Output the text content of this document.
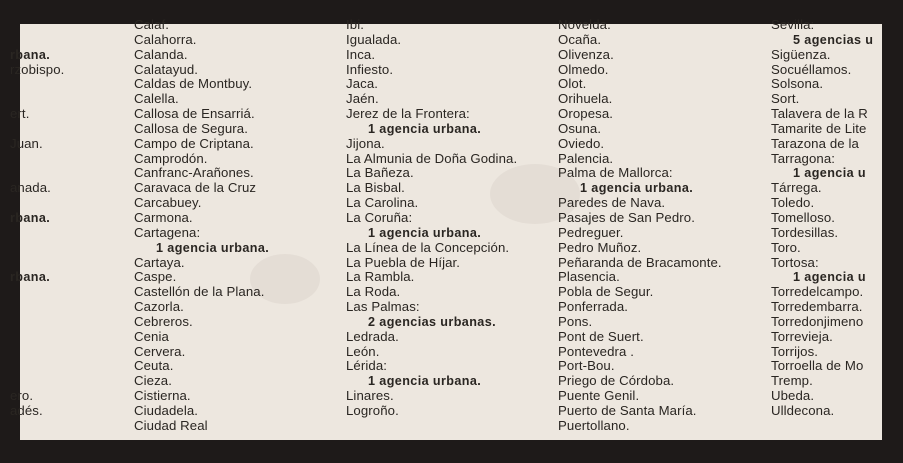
rbana.
rzobispo.
ert.
Juan.
anada.
rbana.
rbana.
ero.
adés.
Calaf.
Calahorra.
Calanda.
Calatayud.
Caldas de Montbuy.
Calella.
Callosa de Ensarriá.
Callosa de Segura.
Campo de Criptana.
Camprodón.
Canfranc-Arañones.
Caravaca de la Cruz
Carcabuey.
Carmona.
Cartagena:
1 agencia urbana.
Cartaya.
Caspe.
Castellón de la Plana.
Cazorla.
Cebreros.
Cenia
Cervera.
Ceuta.
Cieza.
Cistierna.
Ciudadela.
Ciudad Real
Ibi.
Igualada.
Inca.
Infiesto.
Jaca.
Jaén.
Jerez de la Frontera:
1 agencia urbana.
Jijona.
La Almunia de Doña Godina.
La Bañeza.
La Bisbal.
La Carolina.
La Coruña:
1 agencia urbana.
La Línea de la Concepción.
La Puebla de Híjar.
La Rambla.
La Roda.
Las Palmas:
2 agencias urbanas.
Ledrada.
León.
Lérida:
1 agencia urbana.
Linares.
Logroño.
Novelda.
Ocaña.
Olivenza.
Olmedo.
Olot.
Orihuela.
Oropesa.
Osuna.
Oviedo.
Palencia.
Palma de Mallorca:
1 agencia urbana.
Paredes de Nava.
Pasajes de San Pedro.
Pedreguer.
Pedro Muñoz.
Peñaranda de Bracamonte.
Plasencia.
Pobla de Segur.
Ponferrada.
Pons.
Pont de Suert.
Pontevedra .
Port-Bou.
Priego de Córdoba.
Puente Genil.
Puerto de Santa María.
Puertollano.
Sevilla:
5 agencias u
Sigüenza.
Socuéllamos.
Solsona.
Sort.
Talavera de la R
Tamarite de Lite
Tarazona de la
Tarragona:
1 agencia u
Tárrega.
Toledo.
Tomelloso.
Tordesillas.
Toro.
Tortosa:
1 agencia u
Torredelcampo.
Torredembarra.
Torredonjimeno
Torrevieja.
Torrijos.
Torroella de Mo
Tremp.
Ubeda.
Ulldecona.
